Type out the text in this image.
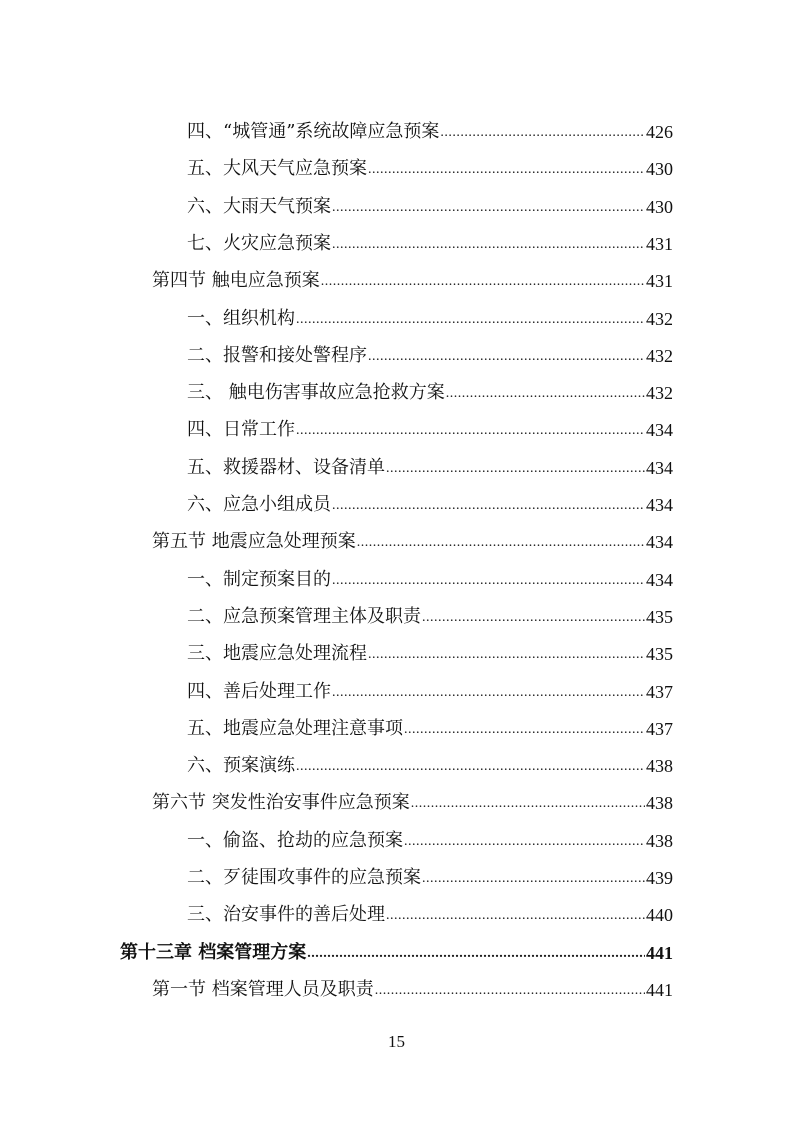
四、“城管通”系统故障应急预案 .....	426
五、大风天气应急预案 .....	430
六、大雨天气预案 .....	430
七、火灾应急预案 .....	431
第四节 触电应急预案 .....	431
一、组织机构 .....	432
二、报警和接处警程序 .....	432
三、 触电伤害事故应急抢救方案 .....	432
四、日常工作 .....	434
五、救援器材、设备清单 .....	434
六、应急小组成员 .....	434
第五节 地震应急处理预案 .....	434
一、制定预案目的 .....	434
二、应急预案管理主体及职责 .....	435
三、地震应急处理流程 .....	435
四、善后处理工作 .....	437
五、地震应急处理注意事项 .....	437
六、预案演练 .....	438
第六节 突发性治安事件应急预案 .....	438
一、偷盗、抢劫的应急预案 .....	438
二、歹徒围攻事件的应急预案 .....	439
三、治安事件的善后处理 .....	440
第十三章 档案管理方案 .....	441
第一节 档案管理人员及职责 .....	441
15
